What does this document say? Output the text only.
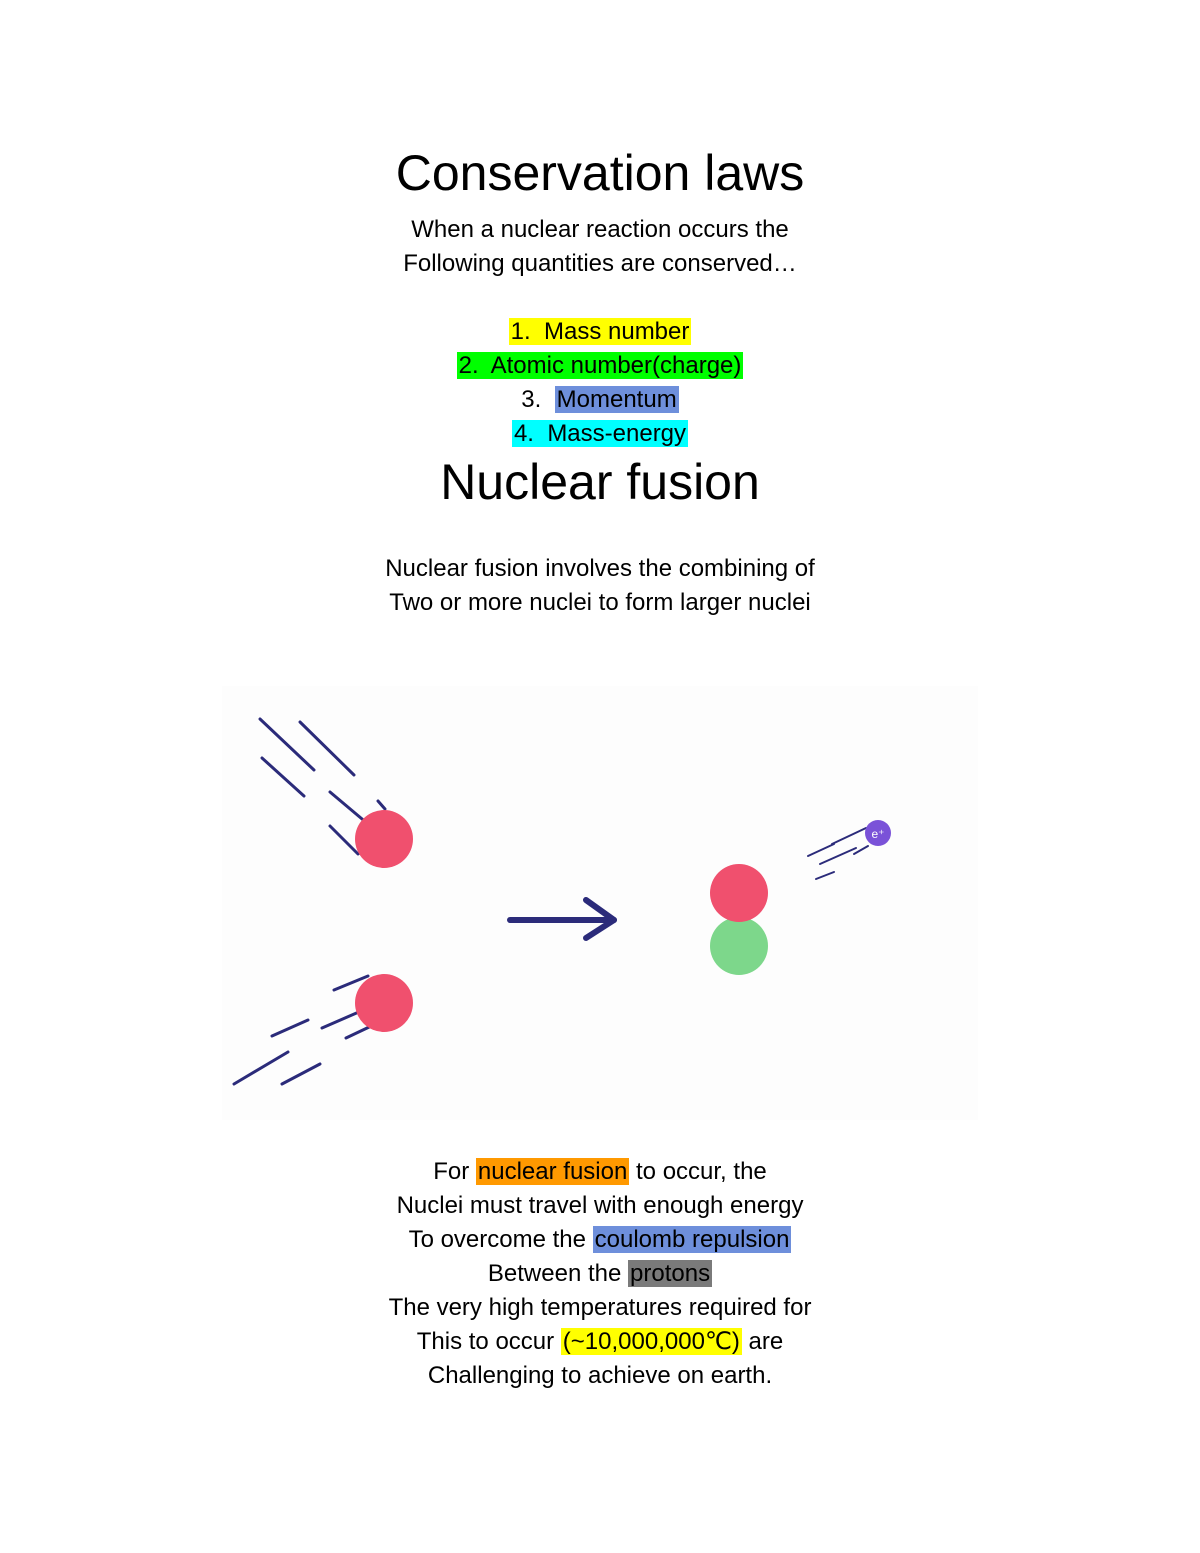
Conservation laws
When a nuclear reaction occurs the
Following quantities are conserved…
1. Mass number
2. Atomic number(charge)
3. Momentum
4. Mass-energy
Nuclear fusion
Nuclear fusion involves the combining of
Two or more nuclei to form larger nuclei
e⁺
For nuclear fusion to occur, the
Nuclei must travel with enough energy
To overcome the coulomb repulsion
Between the protons
The very high temperatures required for
This to occur (~10,000,000℃) are
Challenging to achieve on earth.
